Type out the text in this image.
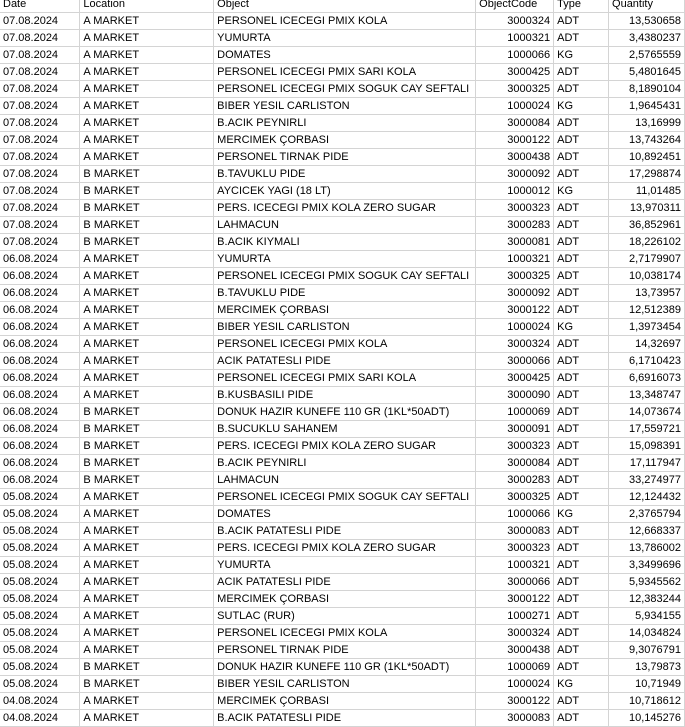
Date	Location	Object	ObjectCode	Type	Quantity
07.08.2024	A MARKET	PERSONEL ICECEGI PMIX KOLA	3000324	ADT	13,530658
07.08.2024	A MARKET	YUMURTA	1000321	ADT	3,4380237
07.08.2024	A MARKET	DOMATES	1000066	KG	2,5765559
07.08.2024	A MARKET	PERSONEL ICECEGI PMIX SARI KOLA	3000425	ADT	5,4801645
07.08.2024	A MARKET	PERSONEL ICECEGI PMIX SOGUK CAY SEFTALI	3000325	ADT	8,1890104
07.08.2024	A MARKET	BIBER YESIL CARLISTON	1000024	KG	1,9645431
07.08.2024	A MARKET	B.ACIK PEYNIRLI	3000084	ADT	13,16999
07.08.2024	A MARKET	MERCIMEK ÇORBASI	3000122	ADT	13,743264
07.08.2024	A MARKET	PERSONEL TIRNAK PIDE	3000438	ADT	10,892451
07.08.2024	B MARKET	B.TAVUKLU PIDE	3000092	ADT	17,298874
07.08.2024	B MARKET	AYCICEK YAGI (18 LT)	1000012	KG	11,01485
07.08.2024	B MARKET	PERS. ICECEGI PMIX KOLA ZERO SUGAR	3000323	ADT	13,970311
07.08.2024	B MARKET	LAHMACUN	3000283	ADT	36,852961
07.08.2024	B MARKET	B.ACIK KIYMALI	3000081	ADT	18,226102
06.08.2024	A MARKET	YUMURTA	1000321	ADT	2,7179907
06.08.2024	A MARKET	PERSONEL ICECEGI PMIX SOGUK CAY SEFTALI	3000325	ADT	10,038174
06.08.2024	A MARKET	B.TAVUKLU PIDE	3000092	ADT	13,73957
06.08.2024	A MARKET	MERCIMEK ÇORBASI	3000122	ADT	12,512389
06.08.2024	A MARKET	BIBER YESIL CARLISTON	1000024	KG	1,3973454
06.08.2024	A MARKET	PERSONEL ICECEGI PMIX KOLA	3000324	ADT	14,32697
06.08.2024	A MARKET	ACIK PATATESLI PIDE	3000066	ADT	6,1710423
06.08.2024	A MARKET	PERSONEL ICECEGI PMIX SARI KOLA	3000425	ADT	6,6916073
06.08.2024	A MARKET	B.KUSBASILI PIDE	3000090	ADT	13,348747
06.08.2024	B MARKET	DONUK HAZIR KUNEFE 110 GR (1KL*50ADT)	1000069	ADT	14,073674
06.08.2024	B MARKET	B.SUCUKLU SAHANEM	3000091	ADT	17,559721
06.08.2024	B MARKET	PERS. ICECEGI PMIX KOLA ZERO SUGAR	3000323	ADT	15,098391
06.08.2024	B MARKET	B.ACIK PEYNIRLI	3000084	ADT	17,117947
06.08.2024	B MARKET	LAHMACUN	3000283	ADT	33,274977
05.08.2024	A MARKET	PERSONEL ICECEGI PMIX SOGUK CAY SEFTALI	3000325	ADT	12,124432
05.08.2024	A MARKET	DOMATES	1000066	KG	2,3765794
05.08.2024	A MARKET	B.ACIK PATATESLI PIDE	3000083	ADT	12,668337
05.08.2024	A MARKET	PERS. ICECEGI PMIX KOLA ZERO SUGAR	3000323	ADT	13,786002
05.08.2024	A MARKET	YUMURTA	1000321	ADT	3,3499696
05.08.2024	A MARKET	ACIK PATATESLI PIDE	3000066	ADT	5,9345562
05.08.2024	A MARKET	MERCIMEK ÇORBASI	3000122	ADT	12,383244
05.08.2024	A MARKET	SUTLAC (RUR)	1000271	ADT	5,934155
05.08.2024	A MARKET	PERSONEL ICECEGI PMIX KOLA	3000324	ADT	14,034824
05.08.2024	A MARKET	PERSONEL TIRNAK PIDE	3000438	ADT	9,3076791
05.08.2024	B MARKET	DONUK HAZIR KUNEFE 110 GR (1KL*50ADT)	1000069	ADT	13,79873
05.08.2024	B MARKET	BIBER YESIL CARLISTON	1000024	KG	10,71949
04.08.2024	A MARKET	MERCIMEK ÇORBASI	3000122	ADT	10,718612
04.08.2024	A MARKET	B.ACIK PATATESLI PIDE	3000083	ADT	10,145276
